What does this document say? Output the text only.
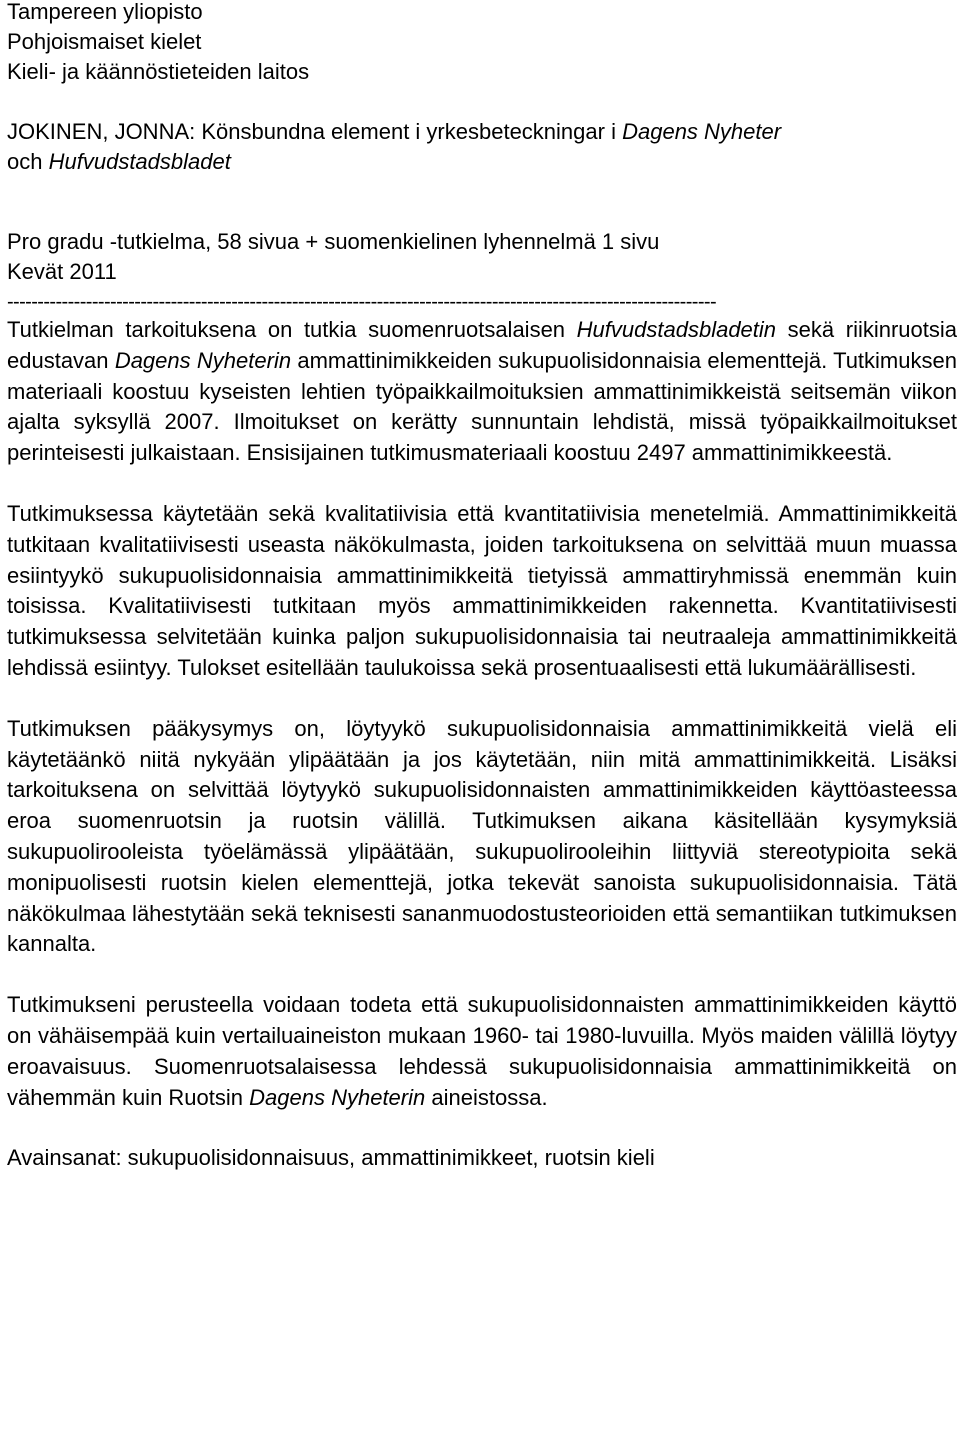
Tampereen yliopisto
Pohjoismaiset kielet
Kieli- ja käännöstieteiden laitos
JOKINEN, JONNA: Könsbundna element i yrkesbeteckningar i Dagens Nyheter
och Hufvudstadsbladet
Pro gradu -tutkielma, 58 sivua + suomenkielinen lyhennelmä 1 sivu
Kevät 2011
---------------------------------------------------------------------------------------------------------------------

Tutkielman tarkoituksena on tutkia suomenruotsalaisen Hufvudstadsbladetin sekä riikinruotsia edustavan Dagens Nyheterin ammattinimikkeiden sukupuolisidonnaisia elementtejä. Tutkimuksen materiaali koostuu kyseisten lehtien työpaikkailmoituksien ammattinimikkeistä seitsemän viikon ajalta syksyllä 2007. Ilmoitukset on kerätty sunnuntain lehdistä, missä työpaikkailmoitukset perinteisesti julkaistaan. Ensisijainen tutkimusmateriaali koostuu 2497 ammattinimikkeestä.

Tutkimuksessa käytetään sekä kvalitatiivisia että kvantitatiivisia menetelmiä. Ammattinimikkeitä tutkitaan kvalitatiivisesti useasta näkökulmasta, joiden tarkoituksena on selvittää muun muassa esiintyykö sukupuolisidonnaisia ammattinimikkeitä tietyissä ammattiryhmissä enemmän kuin toisissa. Kvalitatiivisesti tutkitaan myös ammattinimikkeiden rakennetta. Kvantitatiivisesti tutkimuksessa selvitetään kuinka paljon sukupuolisidonnaisia tai neutraaleja ammattinimikkeitä lehdissä esiintyy. Tulokset esitellään taulukoissa sekä prosentuaalisesti että lukumäärällisesti.

Tutkimuksen pääkysymys on, löytyykö sukupuolisidonnaisia ammattinimikkeitä vielä eli käytetäänkö niitä nykyään ylipäätään ja jos käytetään, niin mitä ammattinimikkeitä. Lisäksi tarkoituksena on selvittää löytyykö sukupuolisidonnaisten ammattinimikkeiden käyttöasteessa eroa suomenruotsin ja ruotsin välillä. Tutkimuksen aikana käsitellään kysymyksiä sukupuolirooleista työelämässä ylipäätään, sukupuolirooleihin liittyviä stereotypioita sekä monipuolisesti ruotsin kielen elementtejä, jotka tekevät sanoista sukupuolisidonnaisia. Tätä näkökulmaa lähestytään sekä teknisesti sananmuodostusteorioiden että semantiikan tutkimuksen kannalta.

Tutkimukseni perusteella voidaan todeta että sukupuolisidonnaisten ammattinimikkeiden käyttö on vähäisempää kuin vertailuaineiston mukaan 1960- tai 1980-luvuilla. Myös maiden välillä löytyy eroavaisuus. Suomenruotsalaisessa lehdessä sukupuolisidonnaisia ammattinimikkeitä on vähemmän kuin Ruotsin Dagens Nyheterin aineistossa.

Avainsanat: sukupuolisidonnaisuus, ammattinimikkeet, ruotsin kieli
